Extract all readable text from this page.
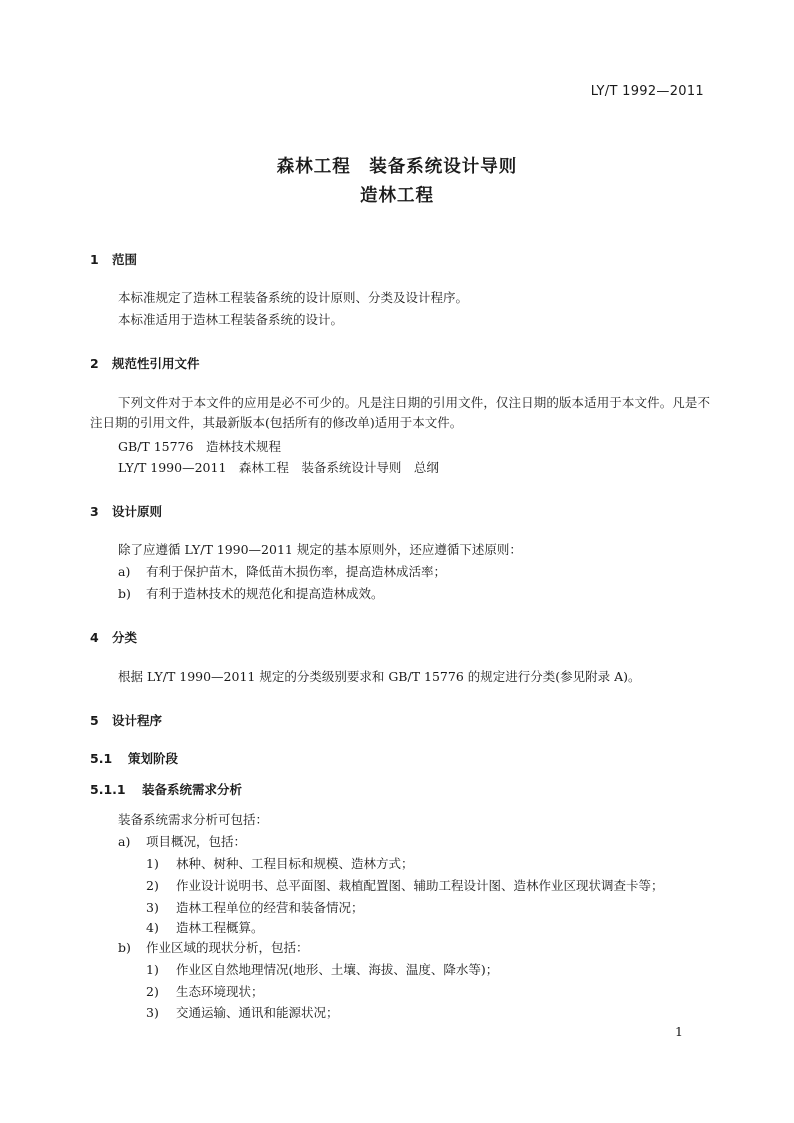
LY/T 1992—2011
森林工程　装备系统设计导则
造林工程
1 范围
本标准规定了造林工程装备系统的设计原则、分类及设计程序。
本标准适用于造林工程装备系统的设计。
2 规范性引用文件
下列文件对于本文件的应用是必不可少的。凡是注日期的引用文件，仅注日期的版本适用于本文件。凡是不注日期的引用文件，其最新版本(包括所有的修改单)适用于本文件。
GB/T 15776　造林技术规程
LY/T 1990—2011　森林工程　装备系统设计导则　总纲
3 设计原则
除了应遵循 LY/T 1990—2011 规定的基本原则外，还应遵循下述原则：
a) 有利于保护苗木，降低苗木损伤率，提高造林成活率；
b) 有利于造林技术的规范化和提高造林成效。
4 分类
根据 LY/T 1990—2011 规定的分类级别要求和 GB/T 15776 的规定进行分类(参见附录 A)。
5 设计程序
5.1 策划阶段
5.1.1 装备系统需求分析
装备系统需求分析可包括：
a) 项目概况，包括：
1) 林种、树种、工程目标和规模、造林方式；
2) 作业设计说明书、总平面图、栽植配置图、辅助工程设计图、造林作业区现状调查卡等；
3) 造林工程单位的经营和装备情况；
4) 造林工程概算。
b) 作业区域的现状分析，包括：
1) 作业区自然地理情况(地形、土壤、海拔、温度、降水等)；
2) 生态环境现状；
3) 交通运输、通讯和能源状况；
1
